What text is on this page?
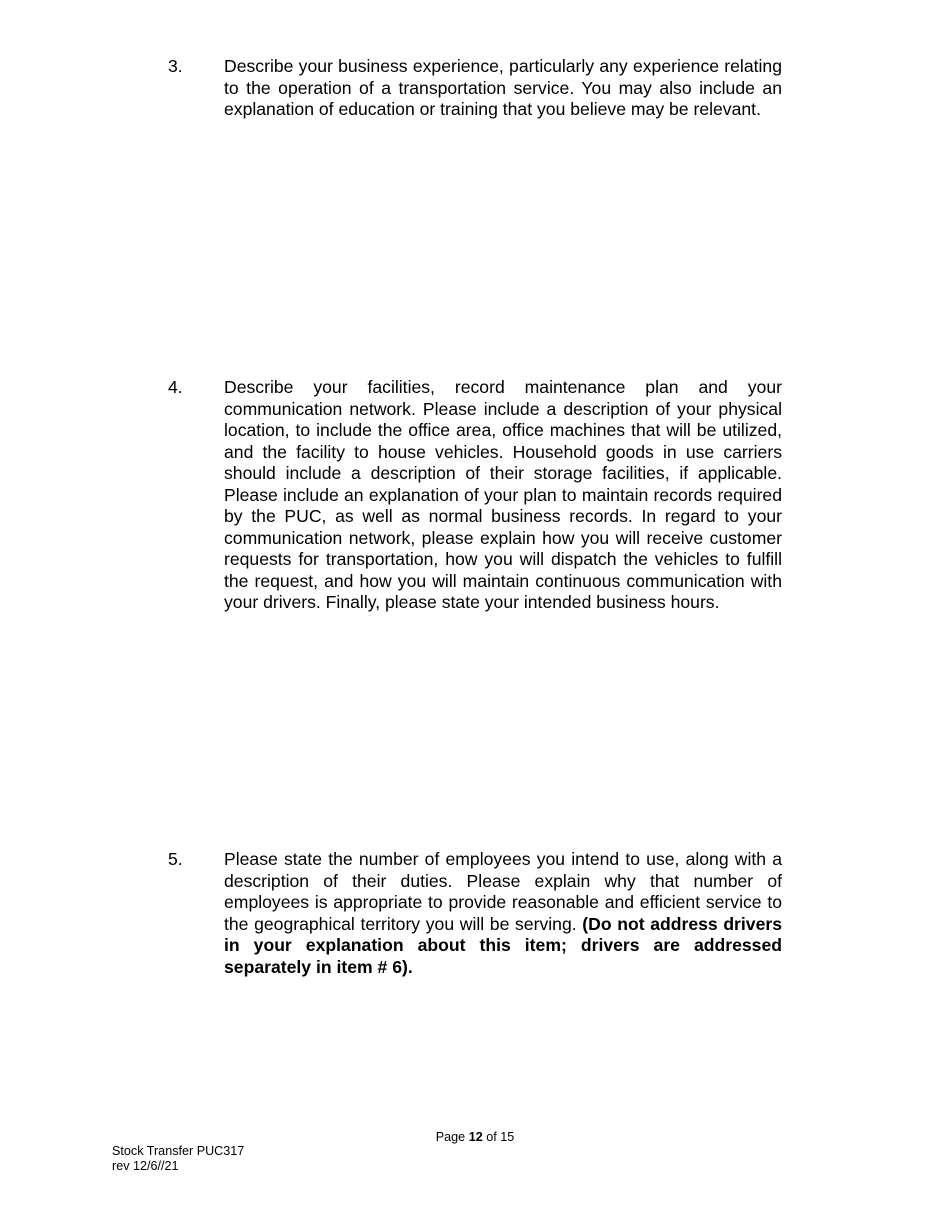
3. Describe your business experience, particularly any experience relating to the operation of a transportation service. You may also include an explanation of education or training that you believe may be relevant.
4. Describe your facilities, record maintenance plan and your communication network. Please include a description of your physical location, to include the office area, office machines that will be utilized, and the facility to house vehicles. Household goods in use carriers should include a description of their storage facilities, if applicable. Please include an explanation of your plan to maintain records required by the PUC, as well as normal business records. In regard to your communication network, please explain how you will receive customer requests for transportation, how you will dispatch the vehicles to fulfill the request, and how you will maintain continuous communication with your drivers. Finally, please state your intended business hours.
5. Please state the number of employees you intend to use, along with a description of their duties. Please explain why that number of employees is appropriate to provide reasonable and efficient service to the geographical territory you will be serving. (Do not address drivers in your explanation about this item; drivers are addressed separately in item # 6).
Page 12 of 15
Stock Transfer PUC317
rev 12/6//21
